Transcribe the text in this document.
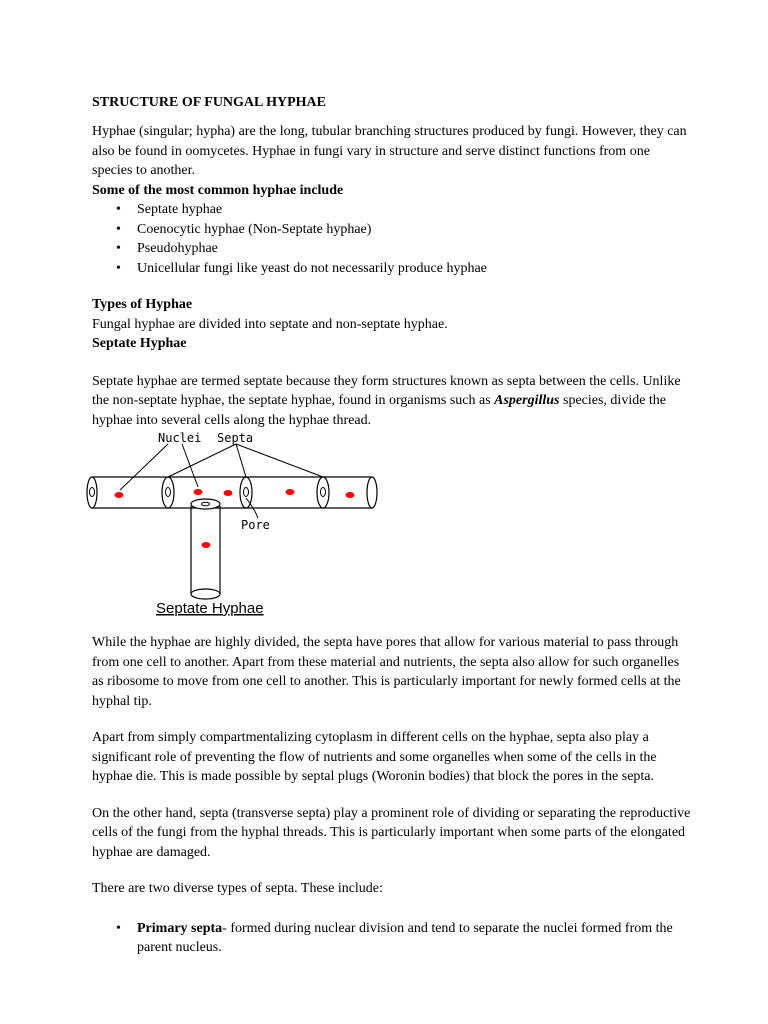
STRUCTURE OF FUNGAL HYPHAE

Hyphae (singular; hypha) are the long, tubular branching structures produced by fungi. However, they can also be found in oomycetes. Hyphae in fungi vary in structure and serve distinct functions from one species to another.

Some of the most common hyphae include

• Septate hyphae
• Coenocytic hyphae (Non-Septate hyphae)
• Pseudohyphae
• Unicellular fungi like yeast do not necessarily produce hyphae

Types of Hyphae

Fungal hyphae are divided into septate and non-septate hyphae.

Septate Hyphae

Septate hyphae are termed septate because they form structures known as septa between the cells. Unlike the non-septate hyphae, the septate hyphae, found in organisms such as Aspergillus species, divide the hyphae into several cells along the hyphae thread.

Nuclei Septa
Pore
Septate Hyphae

While the hyphae are highly divided, the septa have pores that allow for various material to pass through from one cell to another. Apart from these material and nutrients, the septa also allow for such organelles as ribosome to move from one cell to another. This is particularly important for newly formed cells at the hyphal tip.

Apart from simply compartmentalizing cytoplasm in different cells on the hyphae, septa also play a significant role of preventing the flow of nutrients and some organelles when some of the cells in the hyphae die. This is made possible by septal plugs (Woronin bodies) that block the pores in the septa.

On the other hand, septa (transverse septa) play a prominent role of dividing or separating the reproductive cells of the fungi from the hyphal threads. This is particularly important when some parts of the elongated hyphae are damaged.

There are two diverse types of septa. These include:

• Primary septa- formed during nuclear division and tend to separate the nuclei formed from the parent nucleus.
